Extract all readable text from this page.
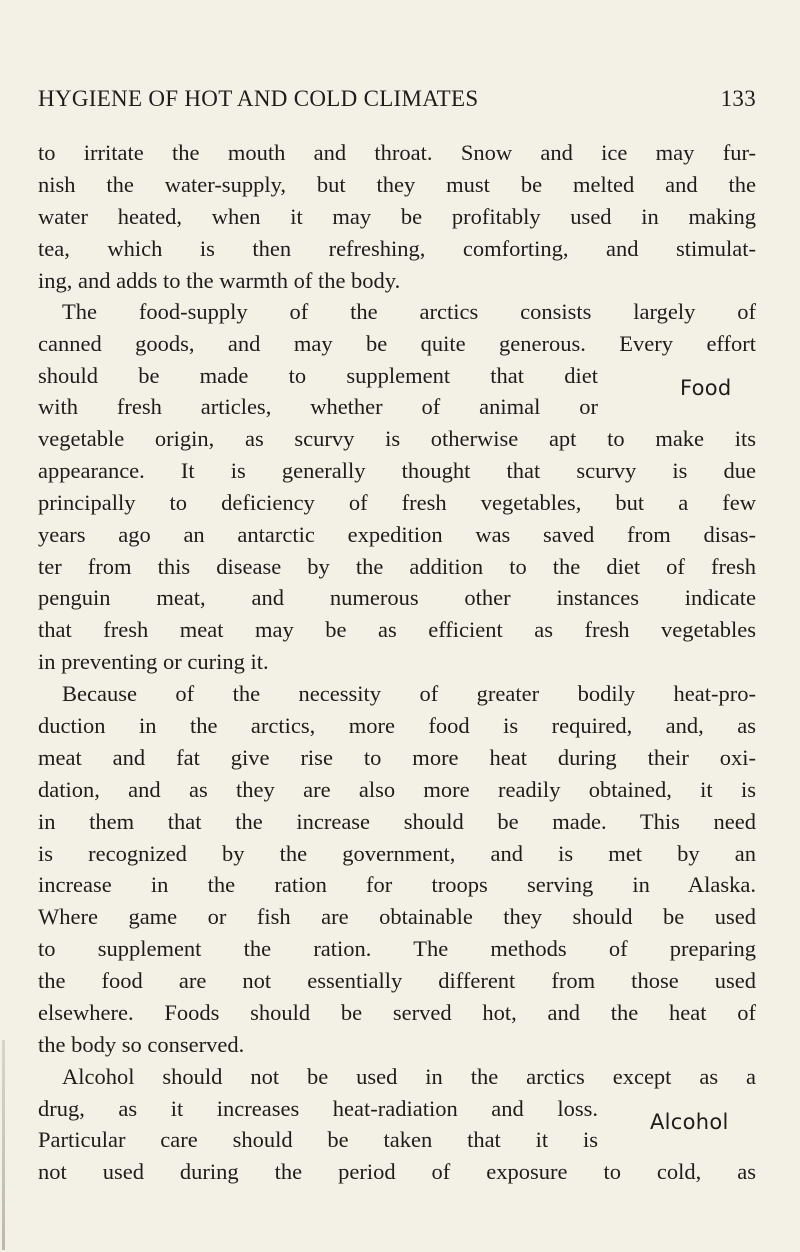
HYGIENE OF HOT AND COLD CLIMATES	133
to irritate the mouth and throat. Snow and ice may fur-
nish the water-supply, but they must be melted and the
water heated, when it may be profitably used in making
tea, which is then refreshing, comforting, and stimulat-
ing, and adds to the warmth of the body.
The food-supply of the arctics consists largely of
canned goods, and may be quite generous. Every effort
should be made to supplement that diet
with fresh articles, whether of animal or
Food
vegetable origin, as scurvy is otherwise apt to make its
appearance. It is generally thought that scurvy is due
principally to deficiency of fresh vegetables, but a few
years ago an antarctic expedition was saved from disas-
ter from this disease by the addition to the diet of fresh
penguin meat, and numerous other instances indicate
that fresh meat may be as efficient as fresh vegetables
in preventing or curing it.
Because of the necessity of greater bodily heat-pro-
duction in the arctics, more food is required, and, as
meat and fat give rise to more heat during their oxi-
dation, and as they are also more readily obtained, it is
in them that the increase should be made. This need
is recognized by the government, and is met by an
increase in the ration for troops serving in Alaska.
Where game or fish are obtainable they should be used
to supplement the ration. The methods of preparing
the food are not essentially different from those used
elsewhere. Foods should be served hot, and the heat of
the body so conserved.
Alcohol should not be used in the arctics except as a
drug, as it increases heat-radiation and loss.
Particular care should be taken that it is
Alcohol
not used during the period of exposure to cold, as
